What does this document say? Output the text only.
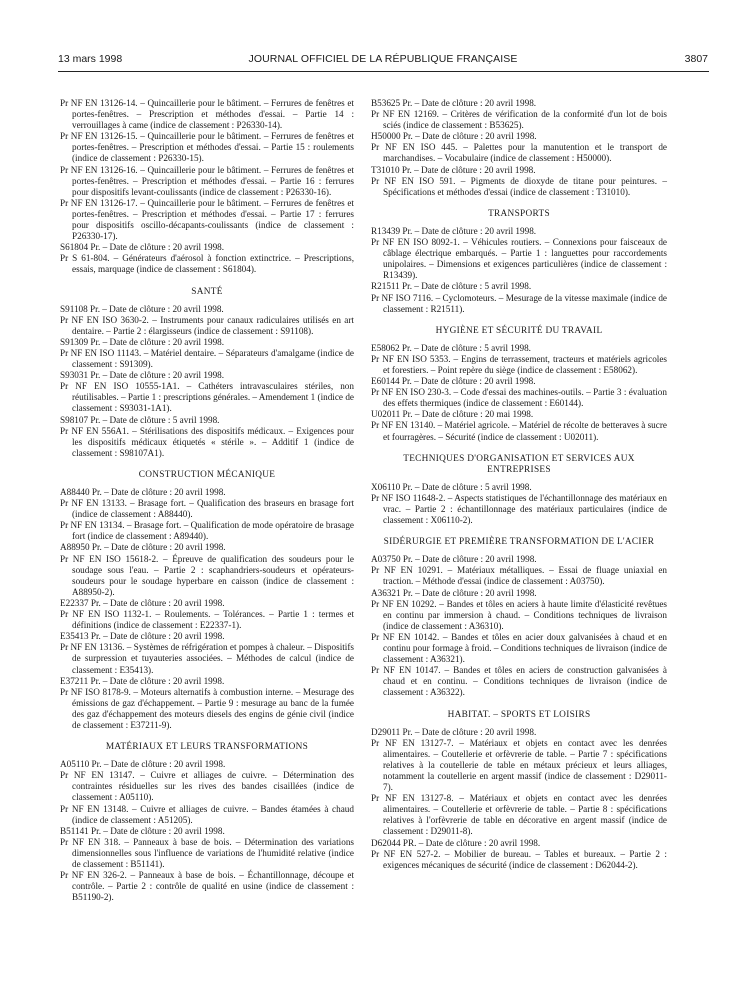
13 mars 1998	JOURNAL OFFICIEL DE LA RÉPUBLIQUE FRANÇAISE	3807

Pr NF EN 13126-14. – Quincaillerie pour le bâtiment. – Ferrures de fenêtres et portes-fenêtres. – Prescription et méthodes d'essai. – Partie 14 : verrouillages à came (indice de classement : P26330-14).

Pr NF EN 13126-15. – Quincaillerie pour le bâtiment. – Ferrures de fenêtres et portes-fenêtres. – Prescription et méthodes d'essai. – Partie 15 : roulements (indice de classement : P26330-15).

Pr NF EN 13126-16. – Quincaillerie pour le bâtiment. – Ferrures de fenêtres et portes-fenêtres. – Prescription et méthodes d'essai. – Partie 16 : ferrures pour dispositifs levant-coulissants (indice de classement : P26330-16).

Pr NF EN 13126-17. – Quincaillerie pour le bâtiment. – Ferrures de fenêtres et portes-fenêtres. – Prescription et méthodes d'essai. – Partie 17 : ferrures pour dispositifs oscillo-décapants-coulissants (indice de classement : P26330-17).

S61804 Pr. – Date de clôture : 20 avril 1998.

Pr S 61-804. – Générateurs d'aérosol à fonction extinctrice. – Prescriptions, essais, marquage (indice de classement : S61804).

SANTÉ

S91108 Pr. – Date de clôture : 20 avril 1998.

Pr NF EN ISO 3630-2. – Instruments pour canaux radiculaires utilisés en art dentaire. – Partie 2 : élargisseurs (indice de classement : S91108).

S91309 Pr. – Date de clôture : 20 avril 1998.

Pr NF EN ISO 11143. – Matériel dentaire. – Séparateurs d'amalgame (indice de classement : S91309).

S93031 Pr. – Date de clôture : 20 avril 1998.

Pr NF EN ISO 10555-1A1. – Cathéters intravasculaires stériles, non réutilisables. – Partie 1 : prescriptions générales. – Amendement 1 (indice de classement : S93031-1A1).

S98107 Pr. – Date de clôture : 5 avril 1998.

Pr NF EN 556A1. – Stérilisations des dispositifs médicaux. – Exigences pour les dispositifs médicaux étiquetés « stérile ». – Additif 1 (indice de classement : S98107A1).

CONSTRUCTION MÉCANIQUE

A88440 Pr. – Date de clôture : 20 avril 1998.

Pr NF EN 13133. – Brasage fort. – Qualification des braseurs en brasage fort (indice de classement : A88440).

Pr NF EN 13134. – Brasage fort. – Qualification de mode opératoire de brasage fort (indice de classement : A89440).

A88950 Pr. – Date de clôture : 20 avril 1998.

Pr NF EN ISO 15618-2. – Épreuve de qualification des soudeurs pour le soudage sous l'eau. – Partie 2 : scaphandriers-soudeurs et opérateurs-soudeurs pour le soudage hyperbare en caisson (indice de classement : A88950-2).

E22337 Pr. – Date de clôture : 20 avril 1998.

Pr NF EN ISO 1132-1. – Roulements. – Tolérances. – Partie 1 : termes et définitions (indice de classement : E22337-1).

E35413 Pr. – Date de clôture : 20 avril 1998.

Pr NF EN 13136. – Systèmes de réfrigération et pompes à chaleur. – Dispositifs de surpression et tuyauteries associées. – Méthodes de calcul (indice de classement : E35413).

E37211 Pr. – Date de clôture : 20 avril 1998.

Pr NF ISO 8178-9. – Moteurs alternatifs à combustion interne. – Mesurage des émissions de gaz d'échappement. – Partie 9 : mesurage au banc de la fumée des gaz d'échappement des moteurs diesels des engins de génie civil (indice de classement : E37211-9).

MATÉRIAUX ET LEURS TRANSFORMATIONS

A05110 Pr. – Date de clôture : 20 avril 1998.

Pr NF EN 13147. – Cuivre et alliages de cuivre. – Détermination des contraintes résiduelles sur les rives des bandes cisaillées (indice de classement : A05110).

Pr NF EN 13148. – Cuivre et alliages de cuivre. – Bandes étamées à chaud (indice de classement : A51205).

B51141 Pr. – Date de clôture : 20 avril 1998.

Pr NF EN 318. – Panneaux à base de bois. – Détermination des variations dimensionnelles sous l'influence de variations de l'humidité relative (indice de classement : B51141).

Pr NF EN 326-2. – Panneaux à base de bois. – Échantillonnage, découpe et contrôle. – Partie 2 : contrôle de qualité en usine (indice de classement : B51190-2).

B53625 Pr. – Date de clôture : 20 avril 1998.

Pr NF EN 12169. – Critères de vérification de la conformité d'un lot de bois sciés (indice de classement : B53625).

H50000 Pr. – Date de clôture : 20 avril 1998.

Pr NF EN ISO 445. – Palettes pour la manutention et le transport de marchandises. – Vocabulaire (indice de classement : H50000).

T31010 Pr. – Date de clôture : 20 avril 1998.

Pr NF EN ISO 591. – Pigments de dioxyde de titane pour peintures. – Spécifications et méthodes d'essai (indice de classement : T31010).

TRANSPORTS

R13439 Pr. – Date de clôture : 20 avril 1998.

Pr NF EN ISO 8092-1. – Véhicules routiers. – Connexions pour faisceaux de câblage électrique embarqués. – Partie 1 : languettes pour raccordements unipolaires. – Dimensions et exigences particulières (indice de classement : R13439).

R21511 Pr. – Date de clôture : 5 avril 1998.

Pr NF ISO 7116. – Cyclomoteurs. – Mesurage de la vitesse maximale (indice de classement : R21511).

HYGIÈNE ET SÉCURITÉ DU TRAVAIL

E58062 Pr. – Date de clôture : 5 avril 1998.

Pr NF EN ISO 5353. – Engins de terrassement, tracteurs et matériels agricoles et forestiers. – Point repère du siège (indice de classement : E58062).

E60144 Pr. – Date de clôture : 20 avril 1998.

Pr NF EN ISO 230-3. – Code d'essai des machines-outils. – Partie 3 : évaluation des effets thermiques (indice de classement : E60144).

U02011 Pr. – Date de clôture : 20 mai 1998.

Pr NF EN 13140. – Matériel agricole. – Matériel de récolte de betteraves à sucre et fourragères. – Sécurité (indice de classement : U02011).

TECHNIQUES D'ORGANISATION ET SERVICES AUX ENTREPRISES

X06110 Pr. – Date de clôture : 5 avril 1998.

Pr NF ISO 11648-2. – Aspects statistiques de l'échantillonnage des matériaux en vrac. – Partie 2 : échantillonnage des matériaux particulaires (indice de classement : X06110-2).

SIDÉRURGIE ET PREMIÈRE TRANSFORMATION DE L'ACIER

A03750 Pr. – Date de clôture : 20 avril 1998.

Pr NF EN 10291. – Matériaux métalliques. – Essai de fluage uniaxial en traction. – Méthode d'essai (indice de classement : A03750).

A36321 Pr. – Date de clôture : 20 avril 1998.

Pr NF EN 10292. – Bandes et tôles en aciers à haute limite d'élasticité revêtues en continu par immersion à chaud. – Conditions techniques de livraison (indice de classement : A36310).

Pr NF EN 10142. – Bandes et tôles en acier doux galvanisées à chaud et en continu pour formage à froid. – Conditions techniques de livraison (indice de classement : A36321).

Pr NF EN 10147. – Bandes et tôles en aciers de construction galvanisées à chaud et en continu. – Conditions techniques de livraison (indice de classement : A36322).

HABITAT. – SPORTS ET LOISIRS

D29011 Pr. – Date de clôture : 20 avril 1998.

Pr NF EN 13127-7. – Matériaux et objets en contact avec les denrées alimentaires. – Coutellerie et orfèvrerie de table. – Partie 7 : spécifications relatives à la coutellerie de table en métaux précieux et leurs alliages, notamment la coutellerie en argent massif (indice de classement : D29011-7).

Pr NF EN 13127-8. – Matériaux et objets en contact avec les denrées alimentaires. – Coutellerie et orfèvrerie de table. – Partie 8 : spécifications relatives à l'orfèvrerie de table en décorative en argent massif (indice de classement : D29011-8).

D62044 PR. – Date de clôture : 20 avril 1998.

Pr NF EN 527-2. – Mobilier de bureau. – Tables et bureaux. – Partie 2 : exigences mécaniques de sécurité (indice de classement : D62044-2).
